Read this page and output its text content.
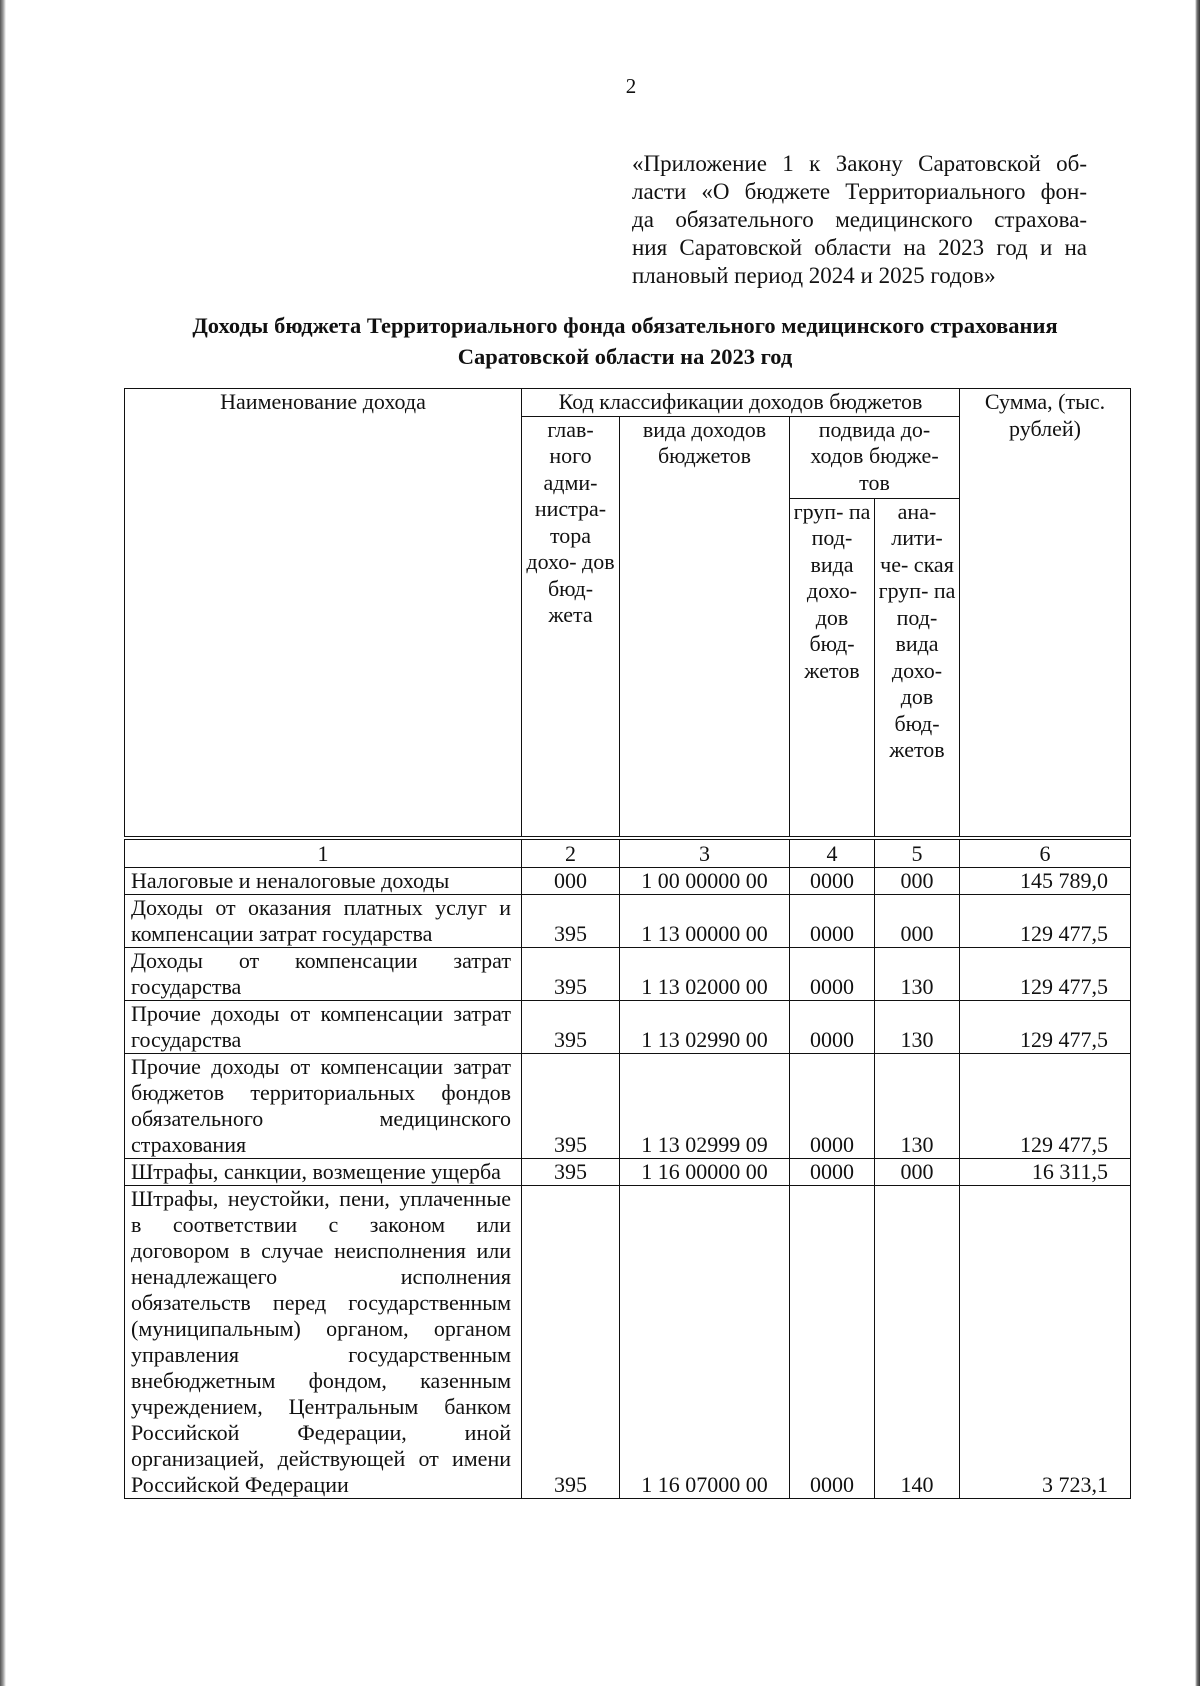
2
«Приложение 1 к Закону Саратовской об-
ласти «О бюджете Территориального фон-
да обязательного медицинского страхова-
ния Саратовской области на 2023 год и на
плановый период 2024 и 2025 годов»
Доходы бюджета Территориального фонда обязательного медицинского страхования
Саратовской области на 2023 год
Наименование дохода	Код классификации доходов бюджетов				Сумма, (тыс. рублей)
	глав- ного адми- нистра- тора дохо- дов бюд- жета	вида доходов бюджетов	подвида до- ходов бюдже- тов		
			груп- па под- вида дохо- дов бюд- жетов	ана- лити- че- ская груп- па под- вида дохо- дов бюд- жетов	
1	2	3	4	5	6
Налоговые и неналоговые доходы	000	1 00 00000 00	0000	000	145 789,0
Доходы от оказания платных услуг и компенсации затрат государства	395	1 13 00000 00	0000	000	129 477,5
Доходы от компенсации затрат государства	395	1 13 02000 00	0000	130	129 477,5
Прочие доходы от компенсации затрат государства	395	1 13 02990 00	0000	130	129 477,5
Прочие доходы от компенсации затрат бюджетов территориальных фондов обязательного медицинского страхования	395	1 13 02999 09	0000	130	129 477,5
Штрафы, санкции, возмещение ущерба	395	1 16 00000 00	0000	000	16 311,5
Штрафы, неустойки, пени, уплаченные в соответствии с законом или договором в случае неисполнения или ненадлежащего исполнения обязательств перед государственным (муниципальным) органом, органом управления государственным внебюджетным фондом, казенным учреждением, Центральным банком Российской Федерации, иной организацией, действующей от имени Российской Федерации	395	1 16 07000 00	0000	140	3 723,1
